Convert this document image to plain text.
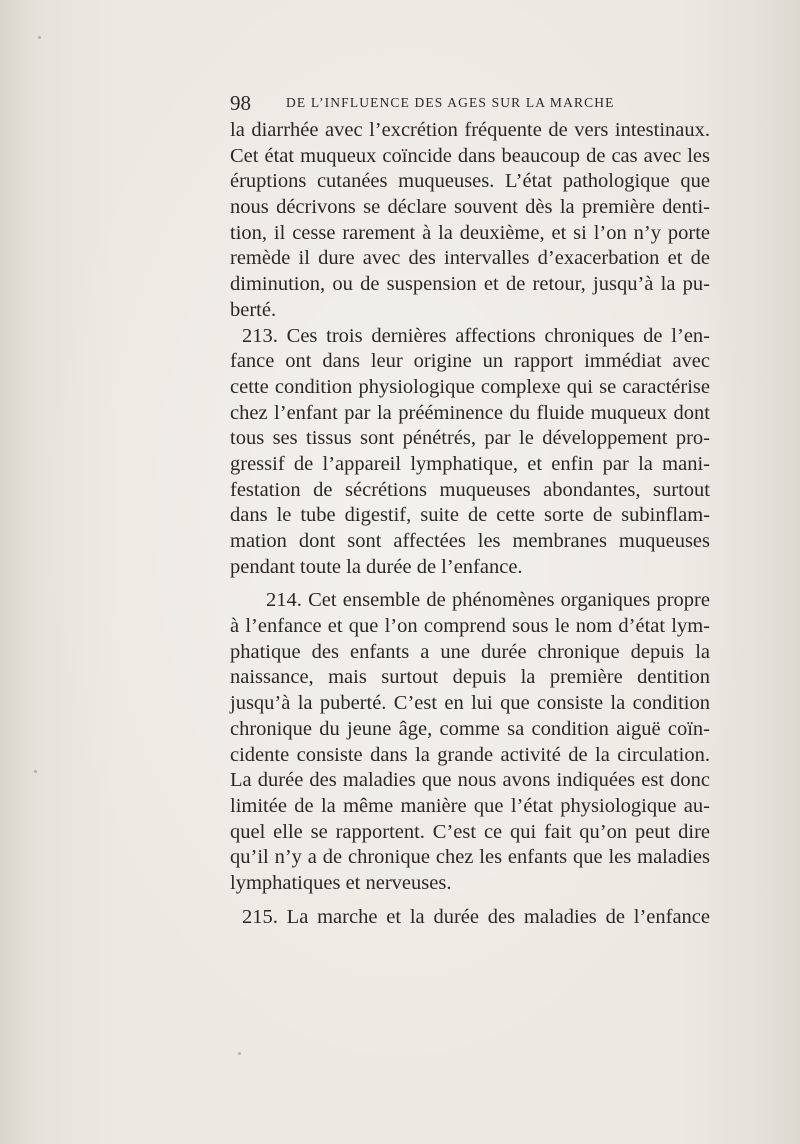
98	DE L’INFLUENCE DES AGES SUR LA MARCHE
la diarrhée avec l’excrétion fréquente de vers intestinaux.
Cet état muqueux coïncide dans beaucoup de cas avec les
éruptions cutanées muqueuses. L’état pathologique que
nous décrivons se déclare souvent dès la première denti-
tion, il cesse rarement à la deuxième, et si l’on n’y porte
remède il dure avec des intervalles d’exacerbation et de
diminution, ou de suspension et de retour, jusqu’à la pu-
berté.
213. Ces trois dernières affections chroniques de l’en-
fance ont dans leur origine un rapport immédiat avec
cette condition physiologique complexe qui se caractérise
chez l’enfant par la prééminence du fluide muqueux dont
tous ses tissus sont pénétrés, par le développement pro-
gressif de l’appareil lymphatique, et enfin par la mani-
festation de sécrétions muqueuses abondantes, surtout
dans le tube digestif, suite de cette sorte de subinflam-
mation dont sont affectées les membranes muqueuses
pendant toute la durée de l’enfance.
214. Cet ensemble de phénomènes organiques propre
à l’enfance et que l’on comprend sous le nom d’état lym-
phatique des enfants a une durée chronique depuis la
naissance, mais surtout depuis la première dentition
jusqu’à la puberté. C’est en lui que consiste la condition
chronique du jeune âge, comme sa condition aiguë coïn-
cidente consiste dans la grande activité de la circulation.
La durée des maladies que nous avons indiquées est donc
limitée de la même manière que l’état physiologique au-
quel elle se rapportent. C’est ce qui fait qu’on peut dire
qu’il n’y a de chronique chez les enfants que les maladies
lymphatiques et nerveuses.
215. La marche et la durée des maladies de l’enfance
